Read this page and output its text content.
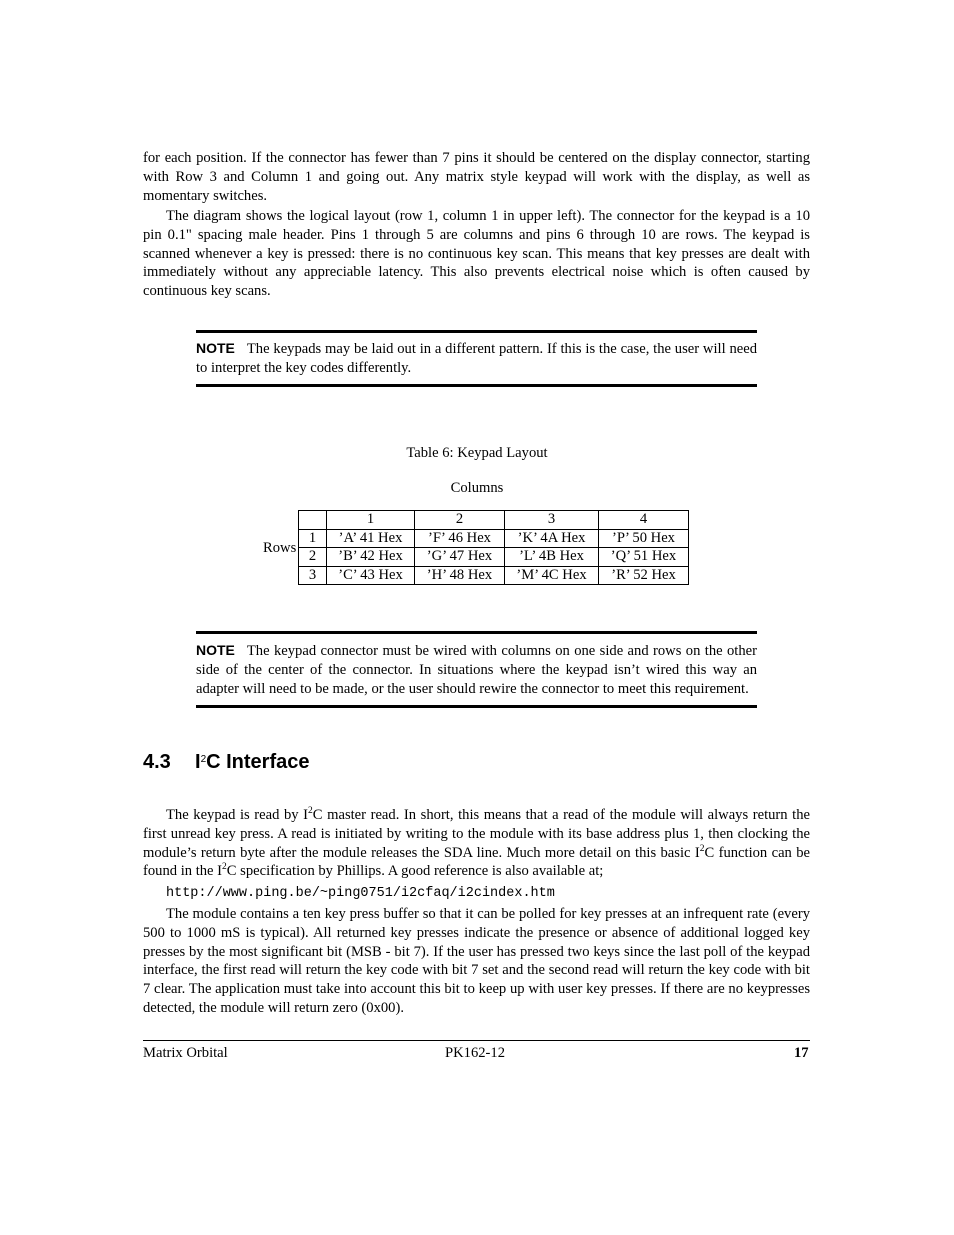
for each position. If the connector has fewer than 7 pins it should be centered on the display connector, starting with Row 3 and Column 1 and going out. Any matrix style keypad will work with the display, as well as momentary switches.

The diagram shows the logical layout (row 1, column 1 in upper left). The connector for the keypad is a 10 pin 0.1" spacing male header. Pins 1 through 5 are columns and pins 6 through 10 are rows. The keypad is scanned whenever a key is pressed: there is no continuous key scan. This means that key presses are dealt with immediately without any appreciable latency. This also prevents electrical noise which is often caused by continuous key scans.

NOTE The keypads may be laid out in a different pattern. If this is the case, the user will need to interpret the key codes differently.

Table 6: Keypad Layout
Columns
Rows
	1	2	3	4
1	’A’ 41 Hex	’F’ 46 Hex	’K’ 4A Hex	’P’ 50 Hex
2	’B’ 42 Hex	’G’ 47 Hex	’L’ 4B Hex	’Q’ 51 Hex
3	’C’ 43 Hex	’H’ 48 Hex	’M’ 4C Hex	’R’ 52 Hex

NOTE The keypad connector must be wired with columns on one side and rows on the other side of the center of the connector. In situations where the keypad isn’t wired this way an adapter will need to be made, or the user should rewire the connector to meet this requirement.

4.3 $I^2C$ Interface

The keypad is read by $I^2C$ master read. In short, this means that a read of the module will always return the first unread key press. A read is initiated by writing to the module with its base address plus 1, then clocking the module’s return byte after the module releases the SDA line. Much more detail on this basic $I^2C$ function can be found in the $I^2C$ specification by Phillips. A good reference is also available at;

http://www.ping.be/~ping0751/i2cfaq/i2cindex.htm

The module contains a ten key press buffer so that it can be polled for key presses at an infrequent rate (every 500 to 1000 mS is typical). All returned key presses indicate the presence or absence of additional logged key presses by the most significant bit (MSB - bit 7). If the user has pressed two keys since the last poll of the keypad interface, the first read will return the key code with bit 7 set and the second read will return the key code with bit 7 clear. The application must take into account this bit to keep up with user key presses. If there are no keypresses detected, the module will return zero (0x00).

Matrix Orbital	PK162-12	17
